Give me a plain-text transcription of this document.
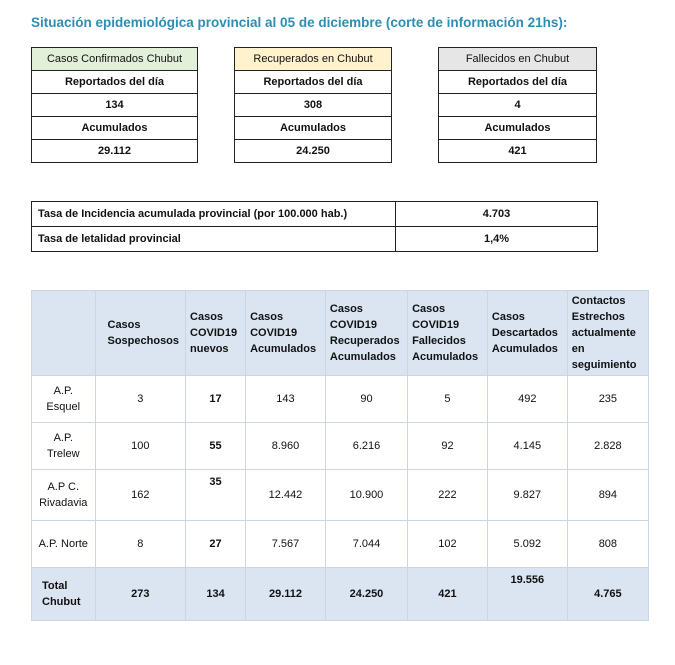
Situación epidemiológica provincial al 05 de diciembre (corte de información 21hs):
Casos Confirmados Chubut
Reportados del día
134
Acumulados
29.112
Recuperados en Chubut
Reportados del día
308
Acumulados
24.250
Fallecidos en Chubut
Reportados del día
4
Acumulados
421
Tasa de Incidencia acumulada provincial (por 100.000 hab.)	4.703
Tasa de letalidad provincial	1,4%
	Casos Sospechosos	Casos COVID19 nuevos	Casos COVID19 Acumulados	Casos COVID19 Recuperados Acumulados	Casos COVID19 Fallecidos Acumulados	Casos Descartados Acumulados	Contactos Estrechos actualmente en seguimiento
A.P. Esquel	3	17	143	90	5	492	235
A.P. Trelew	100	55	8.960	6.216	92	4.145	2.828
A.P C. Rivadavia	162	35	12.442	10.900	222	9.827	894
A.P. Norte	8	27	7.567	7.044	102	5.092	808
Total Chubut	273	134	29.112	24.250	421	19.556	4.765
